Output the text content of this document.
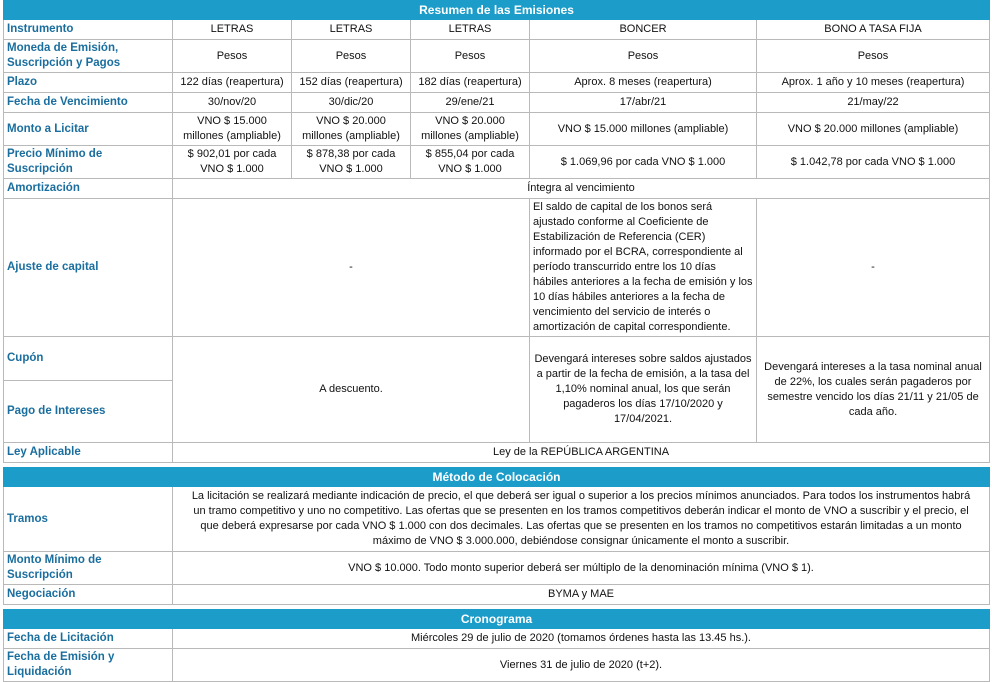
Resumen de las Emisiones					
Instrumento	LETRAS	LETRAS	LETRAS	BONCER	BONO A TASA FIJA
Moneda de Emisión, Suscripción y Pagos	Pesos	Pesos	Pesos	Pesos	Pesos
Plazo	122 días (reapertura)	152 días (reapertura)	182 días (reapertura)	Aprox. 8 meses (reapertura)	Aprox. 1 año y 10 meses (reapertura)
Fecha de Vencimiento	30/nov/20	30/dic/20	29/ene/21	17/abr/21	21/may/22
Monto a Licitar	VNO $ 15.000 millones (ampliable)	VNO $ 20.000 millones (ampliable)	VNO $ 20.000 millones (ampliable)	VNO $ 15.000 millones (ampliable)	VNO $ 20.000 millones (ampliable)
Precio Mínimo de Suscripción	$ 902,01 por cada VNO $ 1.000	$ 878,38 por cada VNO $ 1.000	$ 855,04 por cada VNO $ 1.000	$ 1.069,96 por cada VNO $ 1.000	$ 1.042,78 por cada VNO $ 1.000
Amortización	Íntegra al vencimiento				
Ajuste de capital	-			El saldo de capital de los bonos será ajustado conforme al Coeficiente de Estabilización de Referencia (CER) informado por el BCRA, correspondiente al período transcurrido entre los 10 días hábiles anteriores a la fecha de emisión y los 10 días hábiles anteriores a la fecha de vencimiento del servicio de interés o amortización de capital correspondiente.	-
Cupón	A descuento.			Devengará intereses sobre saldos ajustados a partir de la fecha de emisión, a la tasa del 1,10% nominal anual, los que serán pagaderos los días 17/10/2020 y 17/04/2021.	Devengará intereses a la tasa nominal anual de 22%, los cuales serán pagaderos por semestre vencido los días 21/11 y 21/05 de cada año.
Pago de Intereses					
Ley Aplicable	Ley de la REPÚBLICA ARGENTINA				

Método de Colocación					
Tramos	La licitación se realizará mediante indicación de precio, el que deberá ser igual o superior a los precios mínimos anunciados. Para todos los instrumentos habrá un tramo competitivo y uno no competitivo. Las ofertas que se presenten en los tramos competitivos deberán indicar el monto de VNO a suscribir y el precio, el que deberá expresarse por cada VNO $ 1.000 con dos decimales. Las ofertas que se presenten en los tramos no competitivos estarán limitadas a un monto máximo de VNO $ 3.000.000, debiéndose consignar únicamente el monto a suscribir.				
Monto Mínimo de Suscripción	VNO $ 10.000. Todo monto superior deberá ser múltiplo de la denominación mínima (VNO $ 1).				
Negociación	BYMA y MAE				

Cronograma					
Fecha de Licitación	Miércoles 29 de julio de 2020 (tomamos órdenes hasta las 13.45 hs.).				
Fecha de Emisión y Liquidación	Viernes 31 de julio de 2020 (t+2).				
